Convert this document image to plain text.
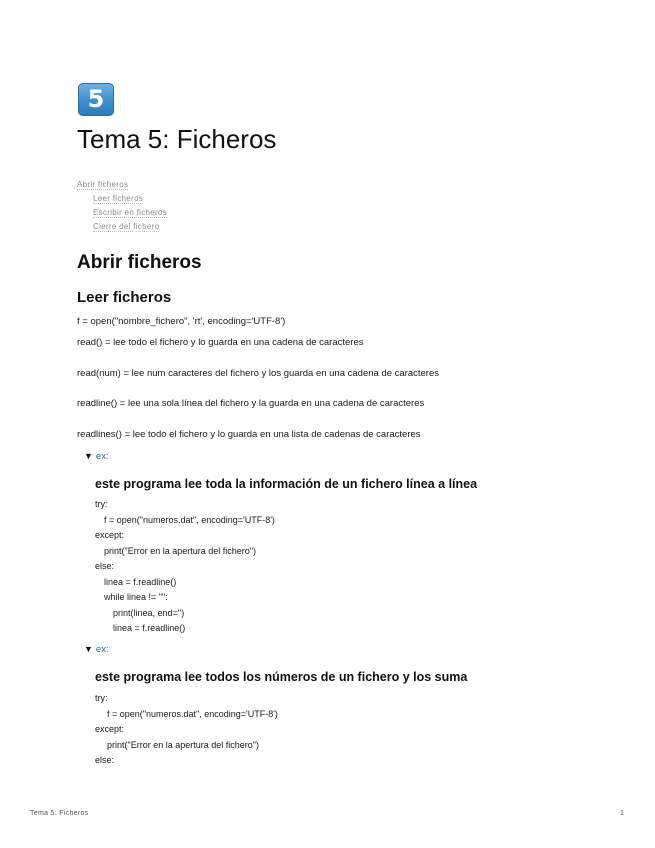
5
Tema 5: Ficheros
Abrir ficheros
Leer ficheros
Escribir en ficheros
Cierre del fichero
Abrir ficheros
Leer ficheros
f = open("nombre_fichero", 'rt', encoding='UTF-8')
read() = lee todo el fichero y lo guarda en una cadena de caracteres
read(num) = lee num caracteres del fichero y los guarda en una cadena de caracteres
readline() = lee una sola línea del fichero y la guarda en una cadena de caracteres
readlines() = lee todo el fichero y lo guarda en una lista de cadenas de caracteres
▼ ex:
este programa lee toda la información de un fichero línea a línea
try:
f = open("numeros.dat", encoding='UTF-8')
except:
print("Error en la apertura del fichero")
else:
linea = f.readline()
while linea != "":
print(linea, end='')
linea = f.readline()
▼ ex:
este programa lee todos los números de un fichero y los suma
try:
f = open("numeros.dat", encoding='UTF-8')
except:
print("Error en la apertura del fichero")
else:
Tema 5: Ficheros	1
